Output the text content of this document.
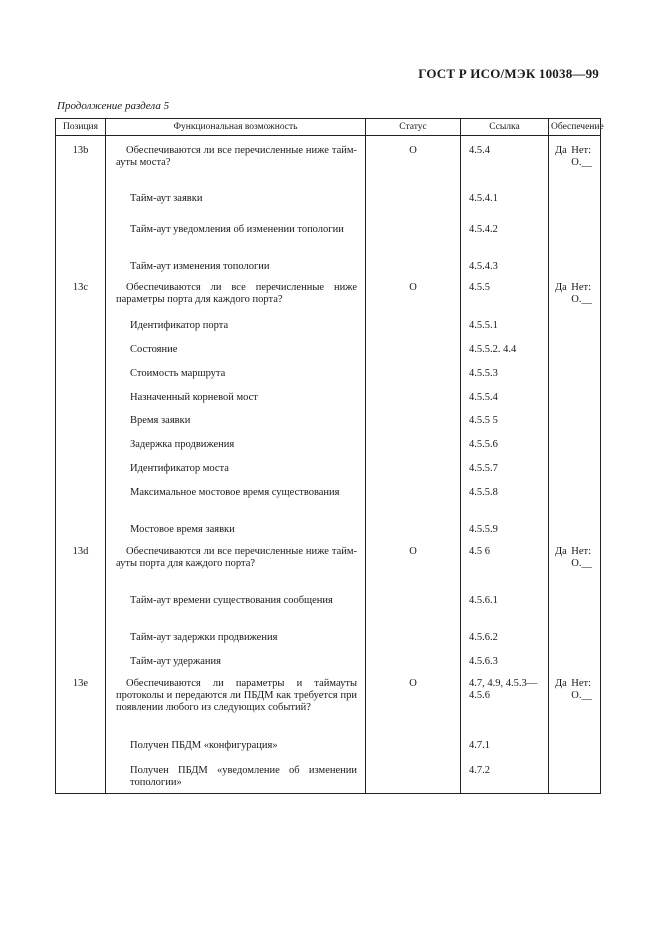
ГОСТ Р ИСО/МЭК 10038—99
Продолжение раздела 5
Позиция	Функциональная возможность	Статус	Ссылка	Обеспечение
13b	Обеспечиваются ли все перечисленные ниже тайм-ауты моста?	О	4.5.4	Да Нет:
О.__

	Тайм-аут заявки		4.5.4.1	

	Тайм-аут уведомления об изменении топологии		4.5.4.2	

	Тайм-аут изменения топологии		4.5.4.3	

13c	Обеспечиваются ли все перечисленные ниже параметры порта для каждого порта?	О	4.5.5	Да Нет:
О.__

	Идентификатор порта		4.5.5.1	

	Состояние		4.5.5.2. 4.4	

	Стоимость маршрута		4.5.5.3	

	Назначенный корневой мост		4.5.5.4	

	Время заявки		4.5.5 5	

	Задержка продвижения		4.5.5.6	

	Идентификатор моста		4.5.5.7	

	Максимальное мостовое время существования		4.5.5.8	

	Мостовое время заявки		4.5.5.9	

13d	Обеспечиваются ли все перечисленные ниже тайм-ауты порта для каждого порта?	О	4.5 6	Да Нет:
О.__

	Тайм-аут времени существования сообщения		4.5.6.1	

	Тайм-аут задержки продвижения		4.5.6.2	

	Тайм-аут удержания		4.5.6.3	

13e	Обеспечиваются ли параметры и таймауты протоколы и передаются ли ПБДМ как требуется при появлении любого из следующих событий?	О	4.7, 4.9, 4.5.3—4.5.6	Да Нет:
О.__

	Получен ПБДМ «конфигурация»		4.7.1	

	Получен ПБДМ «уведомление об изменении топологии»		4.7.2	
